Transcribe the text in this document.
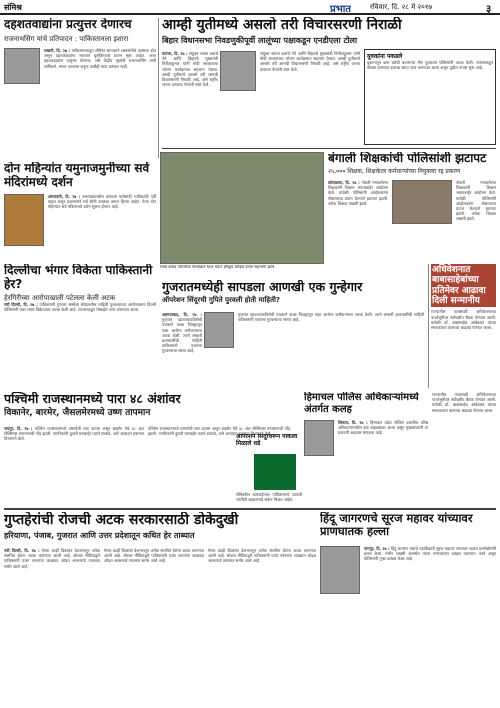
संमिश्र	प्रभात	रविवार, दि. २८ मे २०१७	३
दहशतवाद्यांना प्रत्युत्तर देणारच
राजनाथसिंग यांचे प्रतिपादन : पाकिस्तानला इशारा
लखनौ, दि. २७ : पाकिस्तानकडून सीमेवर सातत्याने शस्त्रसंधीचे उल्लंघन होत असून दहशतवाद्यांना भारतात घुसविण्याचे प्रयत्न सुरू आहेत. अशा दहशतवाद्यांना प्रत्युत्तर देणारच, असे केंद्रीय गृहमंत्री राजनाथसिंग यांनी सांगितले. भारत आपल्या शत्रूंना कधीही माफ करणार नाही.
आम्ही युतीमध्ये असलो तरी विचारसरणी निराळी
बिहार विधानसभा निवडणुकीपूर्वी लालूंच्या पक्षाकडून एनडीएला टोला
पाटणा, दि. २७ : संयुक्त जनता दलाचे नेते आणि बिहारचे मुख्यमंत्री नितीशकुमार यांनी मोदी सरकारच्या भोजन कार्यक्रमात सहभाग घेतला. आम्ही युतीमध्ये असलो तरी आमची विचारसरणी निराळी आहे, असे राष्ट्रीय जनता दलाच्या नेत्यांनी स्पष्ट केले.
संयुक्त जनता दलाचे नेते आणि बिहारचे मुख्यमंत्री नितीशकुमार यांनी मोदी सरकारच्या भोजन कार्यक्रमात सहभाग घेतला. आम्ही युतीमध्ये असलो तरी आमची विचारसरणी निराळी आहे, असे राष्ट्रीय जनता दलाच्या नेत्यांनी स्पष्ट केले.
युवकांना पकडले
दुकानातून दारू खरेदी करणाऱ्या तीन युवकांना पोलिसांनी अटक केली. त्यांच्याकडून मोठ्या प्रमाणात दारूचा साठा जप्त करण्यात आला असून पुढील तपास सुरू आहे.
दोन महिन्यांत यमुनाजमुनीच्या सर्व मंदिरांमध्ये दर्शन
अमरावती, दि. २७ : उत्तराखंडमधील चारधाम यात्रेसाठी भाविकांची गर्दी वाढत असून प्रशासनाने सर्व सोयी उपलब्ध करून दिल्या आहेत. येत्या दोन महिन्यांत सर्व मंदिरांमध्ये दर्शन सुलभ होणार आहे.
शिख बांधव पारंपरिक पोशाखात ध्वज घेऊन हेमकुंड साहिब यात्रेत सहभागी झाले.
बंगाली शिक्षकांची पोलिसांशी झटापट
२५,००० शिक्षक, शिक्षकेतर कर्मचाऱ्यांच्या नियुक्त्या रद्द प्रकरण
कोलकाता, दि. २७ : नोकरी गमावलेल्या शिक्षकांनी शिक्षण भवनाबाहेर आंदोलन केले. यावेळी पोलिसांनी आंदोलकांना रोखण्याचा प्रयत्न केल्याने झटापट झाली. अनेक शिक्षक जखमी झाले.
नोकरी गमावलेल्या शिक्षकांनी शिक्षण भवनाबाहेर आंदोलन केले. यावेळी पोलिसांनी आंदोलकांना रोखण्याचा प्रयत्न केल्याने झटापट झाली. अनेक शिक्षक जखमी झाले.
दिल्लीचा भंगार विकेता पाकिस्तानी हेर?
हेरगिरीच्या आरोपाखाली पटेलला केली अटक
नवी दिल्ली, दि. २७ : पाकिस्तानी गुप्तचर संस्थेला संवेदनशील माहिती पुरवल्याच्या आरोपावरून दिल्ली पोलिसांनी एका भंगार विक्रेत्याला अटक केली आहे. त्याच्याकडून मोबाईल जप्त करण्यात आला.
गुजरातमध्येही सापडला आणखी एक गुन्हेगार
ऑपरेशन सिंदूरची गुपिते पुरवली होती माहिती?
अहमदाबाद, दि. २७ : गुजरात दहशतवादविरोधी पथकाने कच्छ जिल्ह्यातून एका आरोग्य कर्मचाऱ्याला अटक केली. त्याने लष्करी हालचालींची माहिती पाकिस्तानी एजंटला पुरवल्याचा संशय आहे.
गुजरात दहशतवादविरोधी पथकाने कच्छ जिल्ह्यातून एका आरोग्य कर्मचाऱ्याला अटक केली. त्याने लष्करी हालचालींची माहिती पाकिस्तानी एजंटला पुरवल्याचा संशय आहे.
अधिवेशनात बाबासाहेबांच्या प्रतिमेवर आढावा दिली सन्मानीय
राज्यातील पावसाळी अधिवेशनाच्या पार्श्वभूमीवर सर्वपक्षीय बैठक घेण्यात आली. यावेळी डॉ. बाबासाहेब आंबेडकर यांच्या स्मारकाच्या कामाचा आढावा घेण्यात आला.
पश्चिमी राजस्थानमध्ये पारा ४८ अंशांवर
विकानेर, बारमेर, जैसलमेरमध्ये उष्ण तापमान
जयपूर, दि. २७ : पश्चिम राजस्थानमध्ये उष्णतेची लाट कायम असून बाडमेर येथे ४८ अंश सेल्सियस तापमानाची नोंद झाली. नागरिकांनी दुपारी घराबाहेर पडणे टाळावे, असे आवाहन हवामान विभागाने केले.
पश्चिम राजस्थानमध्ये उष्णतेची लाट कायम असून बाडमेर येथे ४८ अंश सेल्सियस तापमानाची नोंद झाली. नागरिकांनी दुपारी घराबाहेर पडणे टाळावे, असे आवाहन हवामान विभागाने केले.
ऑपरेशन सिंदूरवरून पाकला मिळाले धडे
सीमेवरील कारवाईनंतर पाकिस्तानने आपली रणनीती बदलल्याचे संकेत मिळत आहेत.
हिमाचल पोलिस अधिकाऱ्यांमध्ये अंतर्गत कलह
शिमला, दि. २७ : हिमाचल प्रदेश पोलिस दलातील वरिष्ठ अधिकाऱ्यांमधील वाद चव्हाट्यावर आला असून मुख्यमंत्र्यांनी या प्रकरणी अहवाल मागवला आहे.
राज्यातील पावसाळी अधिवेशनाच्या पार्श्वभूमीवर सर्वपक्षीय बैठक घेण्यात आली. यावेळी डॉ. बाबासाहेब आंबेडकर यांच्या स्मारकाच्या कामाचा आढावा घेण्यात आला.
गुप्तहेरांची रोजची अटक सरकारसाठी डोकेदुखी
हरियाणा, पंजाब, गुजरात आणि उत्तर प्रदेशातून कथित हेर ताब्यात
नवी दिल्ली, दि. २७ : गेल्या काही दिवसांत देशभरातून अनेक संशयित हेरांना अटक करण्यात आली आहे. सोशल मीडियाद्वारे पाकिस्तानी एजंट तरुणांना जाळ्यात ओढत असल्याचे तपासात समोर आले आहे.
गेल्या काही दिवसांत देशभरातून अनेक संशयित हेरांना अटक करण्यात आली आहे. सोशल मीडियाद्वारे पाकिस्तानी एजंट तरुणांना जाळ्यात ओढत असल्याचे तपासात समोर आले आहे.
गेल्या काही दिवसांत देशभरातून अनेक संशयित हेरांना अटक करण्यात आली आहे. सोशल मीडियाद्वारे पाकिस्तानी एजंट तरुणांना जाळ्यात ओढत असल्याचे तपासात समोर आले आहे.
हिंदू जागरणचे सूरज महावर यांच्यावर प्राणघातक हल्ला
नागपूर, दि. २७ : हिंदू जागरण मंचाचे पदाधिकारी सूरज महावर यांच्यावर अज्ञात हल्लेखोरांनी हल्ला केला. गंभीर जखमी अवस्थेत त्यांना रुग्णालयात दाखल करण्यात आले असून पोलिसांनी गुन्हा दाखल केला आहे.
